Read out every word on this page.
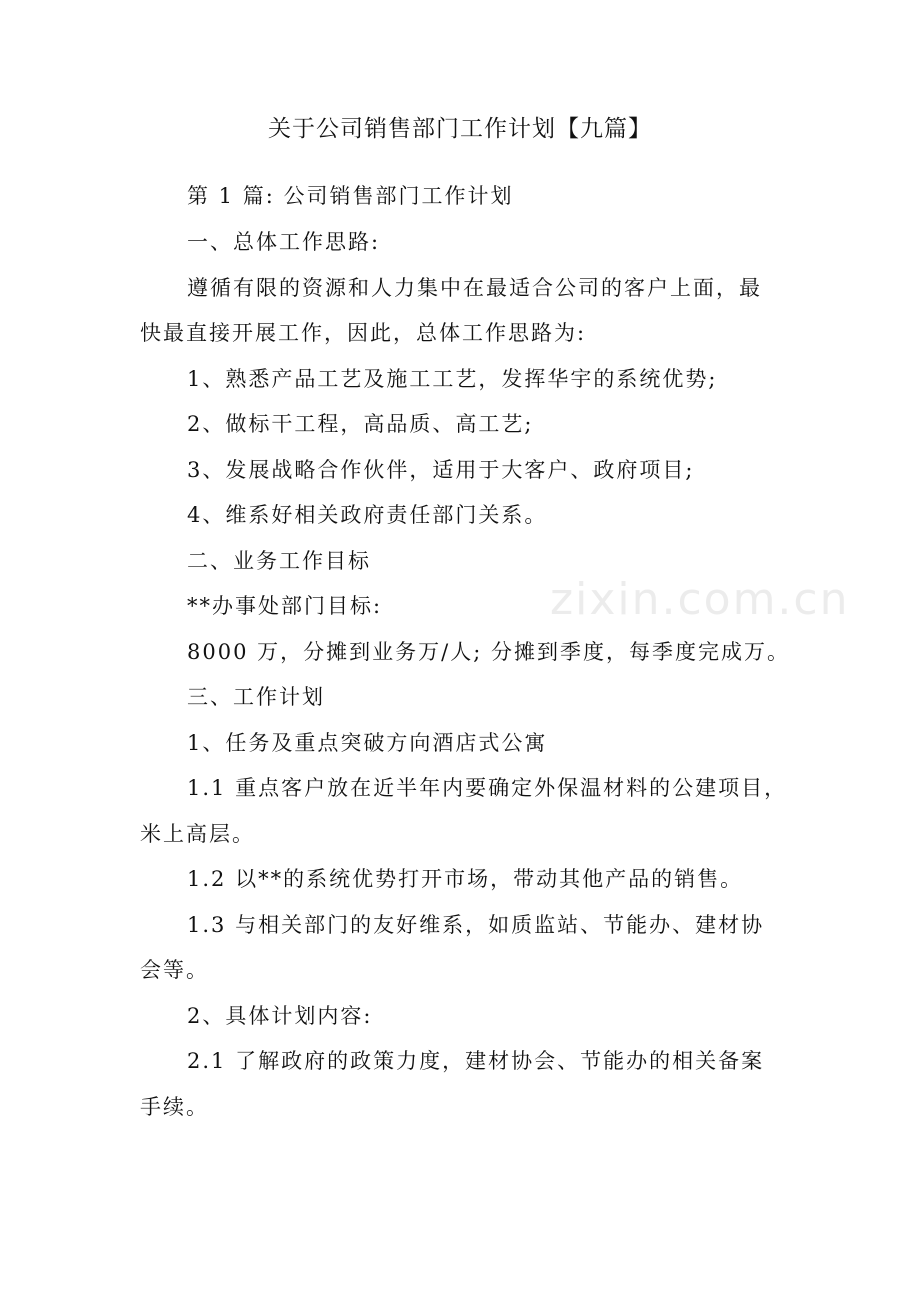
zixin.com.cn
关于公司销售部门工作计划【九篇】
第 1 篇: 公司销售部门工作计划
一、总体工作思路:
遵循有限的资源和人力集中在最适合公司的客户上面，最
快最直接开展工作，因此，总体工作思路为:
1、熟悉产品工艺及施工工艺，发挥华宇的系统优势;
2、做标干工程，高品质、高工艺;
3、发展战略合作伙伴，适用于大客户、政府项目;
4、维系好相关政府责任部门关系。
二、业务工作目标
**办事处部门目标:
8000 万，分摊到业务万/人; 分摊到季度，每季度完成万。
三、工作计划
1、任务及重点突破方向酒店式公寓
1.1 重点客户放在近半年内要确定外保温材料的公建项目，
米上高层。
1.2 以**的系统优势打开市场，带动其他产品的销售。
1.3 与相关部门的友好维系，如质监站、节能办、建材协
会等。
2、具体计划内容:
2.1 了解政府的政策力度，建材协会、节能办的相关备案
手续。
